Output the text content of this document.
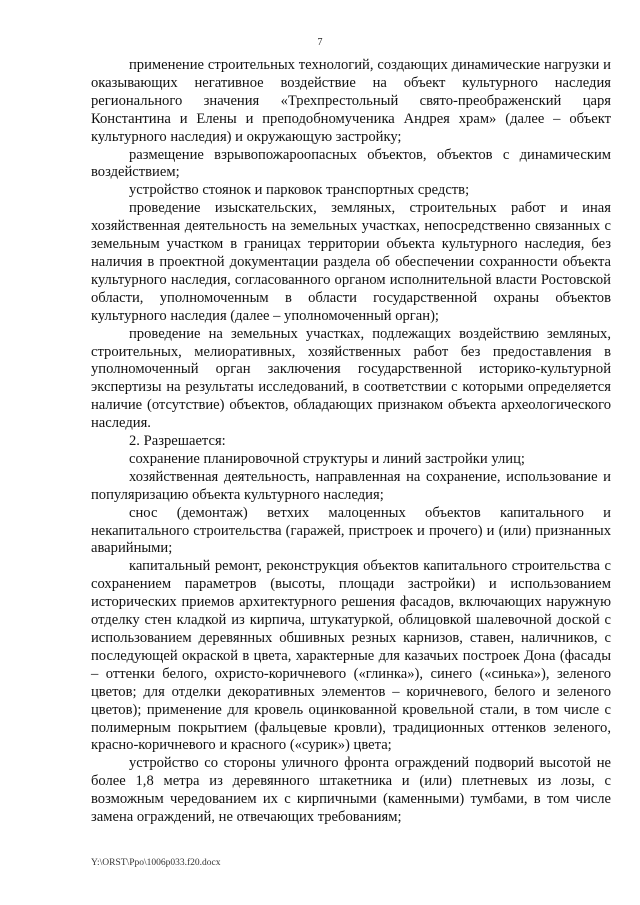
7

применение строительных технологий, создающих динамические нагрузки и оказывающих негативное воздействие на объект культурного наследия регионального значения «Трехпрестольный свято-преображенский царя Константина и Елены и преподобномученика Андрея храм» (далее – объект культурного наследия) и окружающую застройку;

размещение взрывопожароопасных объектов, объектов с динамическим воздействием;

устройство стоянок и парковок транспортных средств;

проведение изыскательских, земляных, строительных работ и иная хозяйственная деятельность на земельных участках, непосредственно связанных с земельным участком в границах территории объекта культурного наследия, без наличия в проектной документации раздела об обеспечении сохранности объекта культурного наследия, согласованного органом исполнительной власти Ростовской области, уполномоченным в области государственной охраны объектов культурного наследия (далее – уполномоченный орган);

проведение на земельных участках, подлежащих воздействию земляных, строительных, мелиоративных, хозяйственных работ без предоставления в уполномоченный орган заключения государственной историко-культурной экспертизы на результаты исследований, в соответствии с которыми определяется наличие (отсутствие) объектов, обладающих признаком объекта археологического наследия.

2. Разрешается:

сохранение планировочной структуры и линий застройки улиц;

хозяйственная деятельность, направленная на сохранение, использование и популяризацию объекта культурного наследия;

снос (демонтаж) ветхих малоценных объектов капитального и некапитального строительства (гаражей, пристроек и прочего) и (или) признанных аварийными;

капитальный ремонт, реконструкция объектов капитального строительства с сохранением параметров (высоты, площади застройки) и использованием исторических приемов архитектурного решения фасадов, включающих наружную отделку стен кладкой из кирпича, штукатуркой, облицовкой шалевочной доской с использованием деревянных обшивных резных карнизов, ставен, наличников, с последующей окраской в цвета, характерные для казачьих построек Дона (фасады – оттенки белого, охристо-коричневого («глинка»), синего («синька»), зеленого цветов; для отделки декоративных элементов – коричневого, белого и зеленого цветов); применение для кровель оцинкованной кровельной стали, в том числе с полимерным покрытием (фальцевые кровли), традиционных оттенков зеленого, красно-коричневого и красного («сурик») цвета;

устройство со стороны уличного фронта ограждений подворий высотой не более 1,8 метра из деревянного штакетника и (или) плетневых из лозы, с возможным чередованием их с кирпичными (каменными) тумбами, в том числе замена ограждений, не отвечающих требованиям;

Y:\ORST\Ppo\1006p033.f20.docx
